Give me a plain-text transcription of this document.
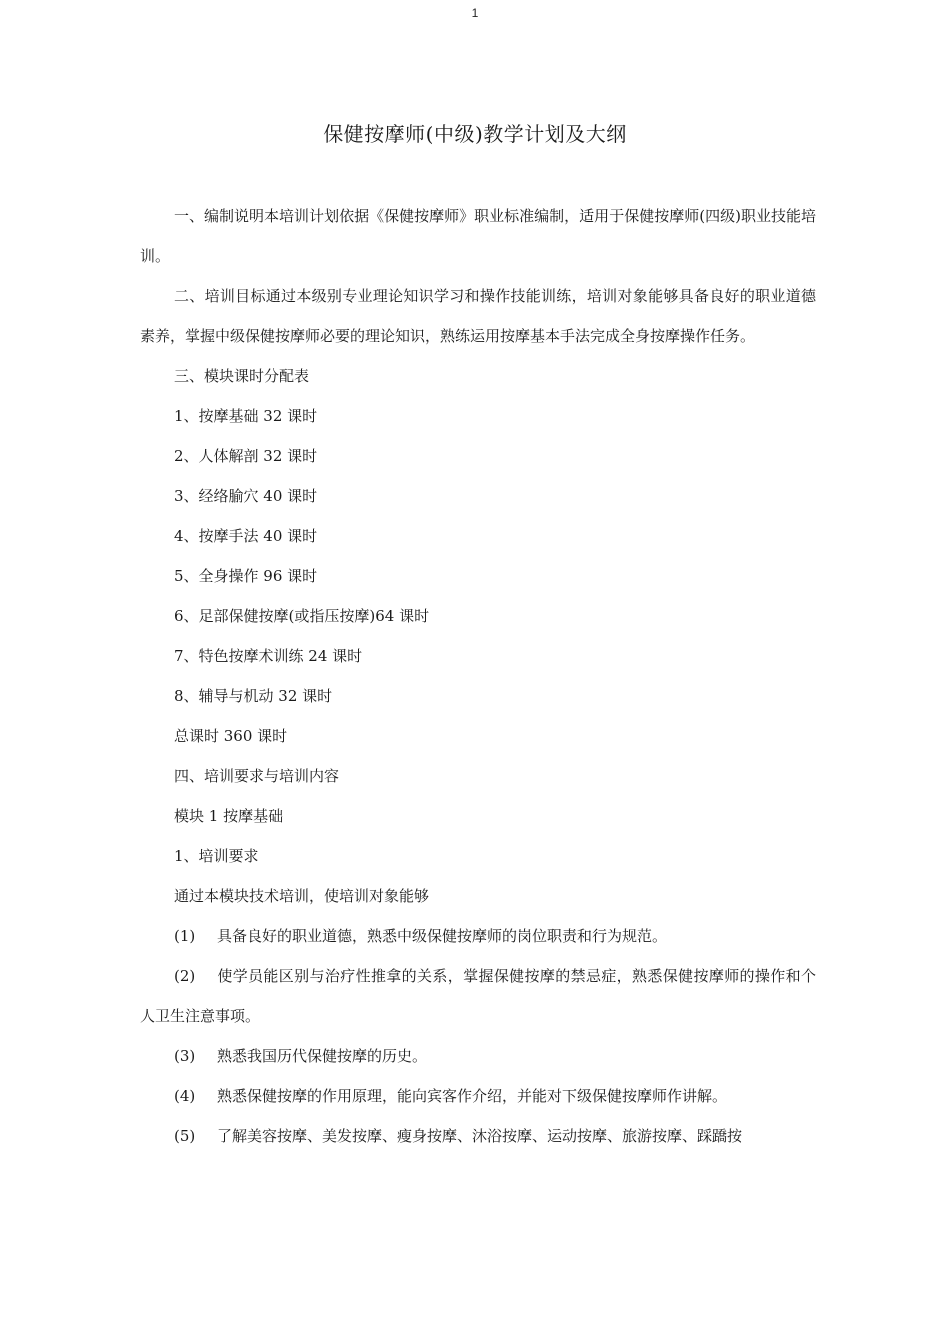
1
保健按摩师(中级)教学计划及大纲

一、编制说明本培训计划依据《保健按摩师》职业标准编制，适用于保健按摩师(四级)职业技能培训。

二、培训目标通过本级别专业理论知识学习和操作技能训练，培训对象能够具备良好的职业道德素养，掌握中级保健按摩师必要的理论知识，熟练运用按摩基本手法完成全身按摩操作任务。

三、模块课时分配表

1、按摩基础 32 课时

2、人体解剖 32 课时

3、经络腧穴 40 课时

4、按摩手法 40 课时

5、全身操作 96 课时

6、足部保健按摩(或指压按摩)64 课时

7、特色按摩术训练 24 课时

8、辅导与机动 32 课时

总课时 360 课时

四、培训要求与培训内容

模块 1 按摩基础

1、培训要求

通过本模块技术培训，使培训对象能够

(1) 具备良好的职业道德，熟悉中级保健按摩师的岗位职责和行为规范。

(2) 使学员能区别与治疗性推拿的关系，掌握保健按摩的禁忌症，熟悉保健按摩师的操作和个人卫生注意事项。

(3) 熟悉我国历代保健按摩的历史。

(4) 熟悉保健按摩的作用原理，能向宾客作介绍，并能对下级保健按摩师作讲解。

(5) 了解美容按摩、美发按摩、瘦身按摩、沐浴按摩、运动按摩、旅游按摩、踩蹻按
